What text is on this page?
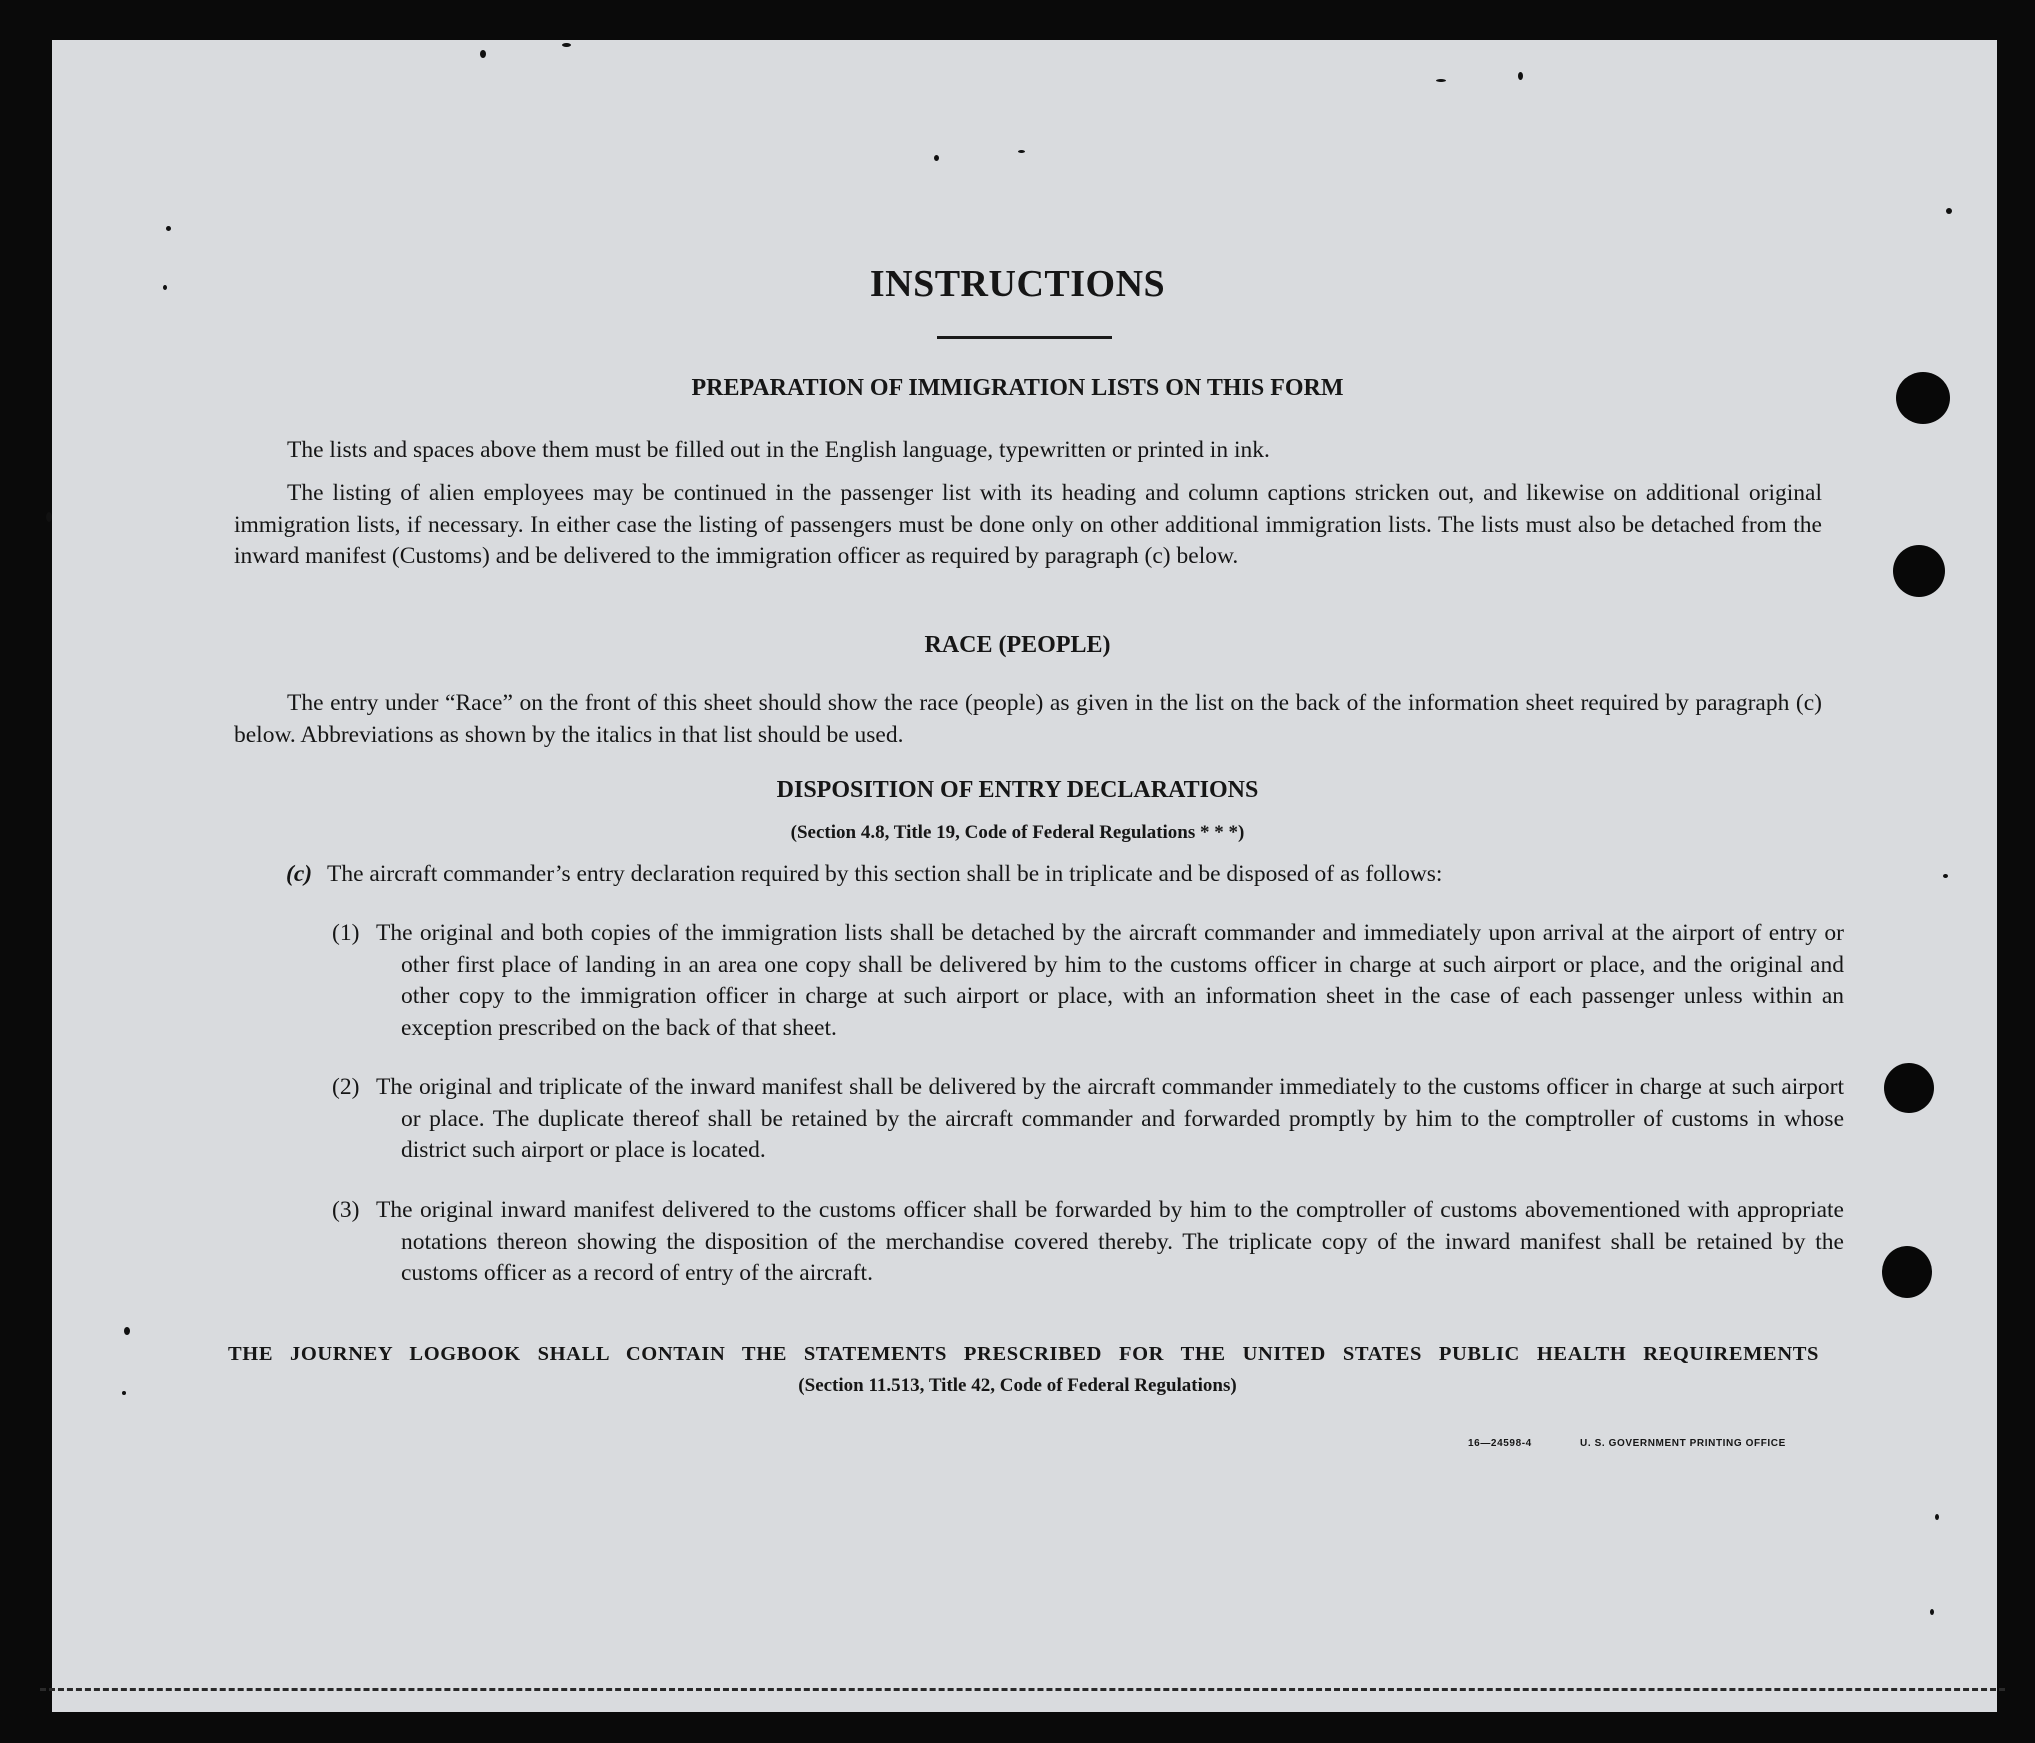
INSTRUCTIONS
PREPARATION OF IMMIGRATION LISTS ON THIS FORM
The lists and spaces above them must be filled out in the English language, typewritten or printed in ink.
The listing of alien employees may be continued in the passenger list with its heading and column captions stricken out, and likewise on additional original immigration lists, if necessary. In either case the listing of passengers must be done only on other additional immigration lists. The lists must also be detached from the inward manifest (Customs) and be delivered to the immigration officer as required by paragraph (c) below.
RACE (PEOPLE)
The entry under “Race” on the front of this sheet should show the race (people) as given in the list on the back of the information sheet required by paragraph (c) below. Abbreviations as shown by the italics in that list should be used.
DISPOSITION OF ENTRY DECLARATIONS
(Section 4.8, Title 19, Code of Federal Regulations * * *)
(c) The aircraft commander’s entry declaration required by this section shall be in triplicate and be disposed of as follows:
(1) The original and both copies of the immigration lists shall be detached by the aircraft commander and immediately upon arrival at the airport of entry or other first place of landing in an area one copy shall be delivered by him to the customs officer in charge at such airport or place, and the original and other copy to the immigration officer in charge at such airport or place, with an information sheet in the case of each passenger unless within an exception prescribed on the back of that sheet.
(2) The original and triplicate of the inward manifest shall be delivered by the aircraft commander immediately to the customs officer in charge at such airport or place. The duplicate thereof shall be retained by the aircraft commander and forwarded promptly by him to the comptroller of customs in whose district such airport or place is located.
(3) The original inward manifest delivered to the customs officer shall be forwarded by him to the comptroller of customs abovementioned with appropriate notations thereon showing the disposition of the merchandise covered thereby. The triplicate copy of the inward manifest shall be retained by the customs officer as a record of entry of the aircraft.
THE JOURNEY LOGBOOK SHALL CONTAIN THE STATEMENTS PRESCRIBED FOR THE UNITED STATES PUBLIC HEALTH REQUIREMENTS
(Section 11.513, Title 42, Code of Federal Regulations)
16—24598-4	U. S. GOVERNMENT PRINTING OFFICE
